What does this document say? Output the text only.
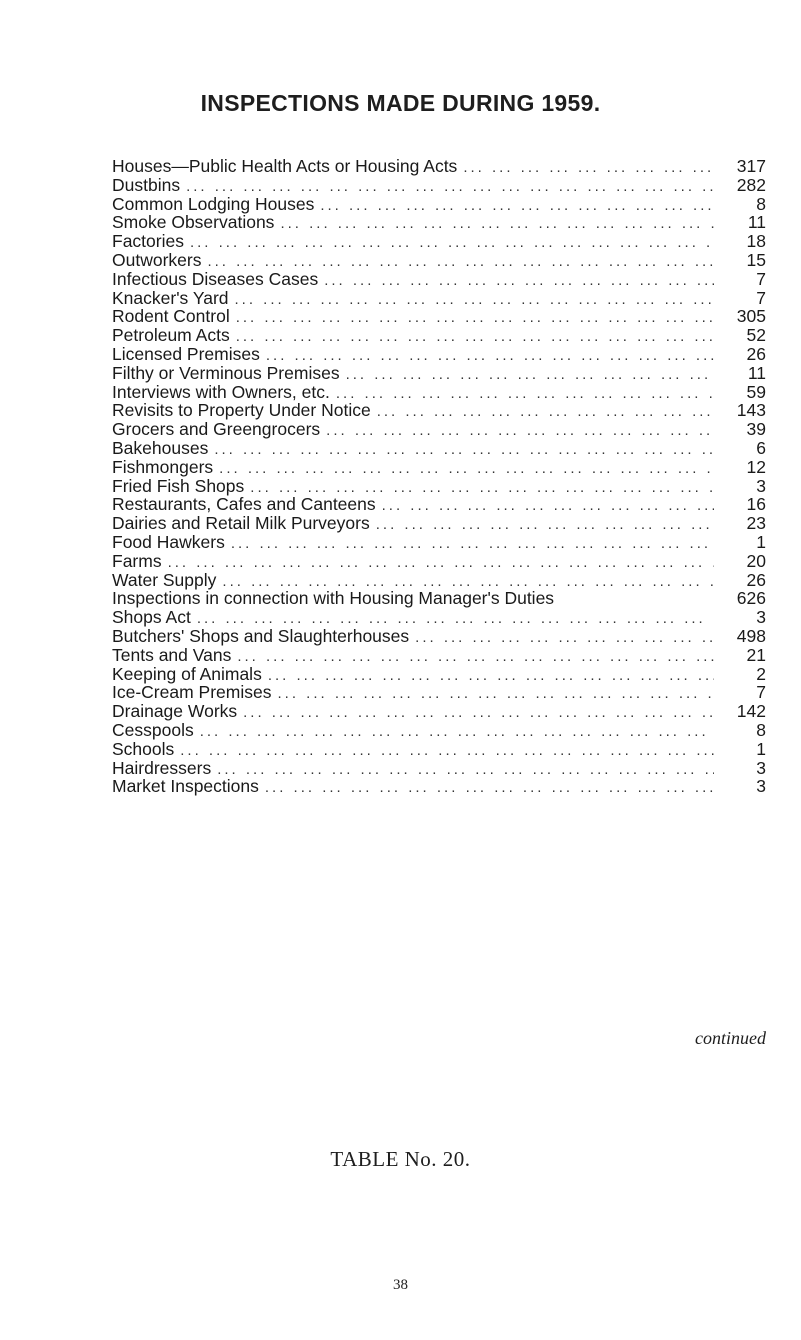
INSPECTIONS MADE DURING 1959.
Houses—Public Health Acts or Housing Acts ... .	317
Dustbins ... .	282
Common Lodging Houses ... .	8
Smoke Observations ... .	11
Factories ... .	18
Outworkers ... .	15
Infectious Diseases Cases ... .	7
Knacker's Yard ... .	7
Rodent Control ... .	305
Petroleum Acts ... .	52
Licensed Premises ... .	26
Filthy or Verminous Premises ... .	11
Interviews with Owners, etc. ... .	59
Revisits to Property Under Notice ... .	143
Grocers and Greengrocers ... .	39
Bakehouses ... .	6
Fishmongers ... .	12
Fried Fish Shops ... .	3
Restaurants, Cafes and Canteens ... .	16
Dairies and Retail Milk Purveyors ... .	23
Food Hawkers ... .	1
Farms ... .	20
Water Supply ... .	26
Inspections in connection with Housing Manager's Duties	626
Shops Act ... .	3
Butchers' Shops and Slaughterhouses ... .	498
Tents and Vans ... .	21
Keeping of Animals ... .	2
Ice-Cream Premises ... .	7
Drainage Works ... .	142
Cesspools ... .	8
Schools ... .	1
Hairdressers ... .	3
Market Inspections ... .	3
continued
TABLE No. 20.
38
